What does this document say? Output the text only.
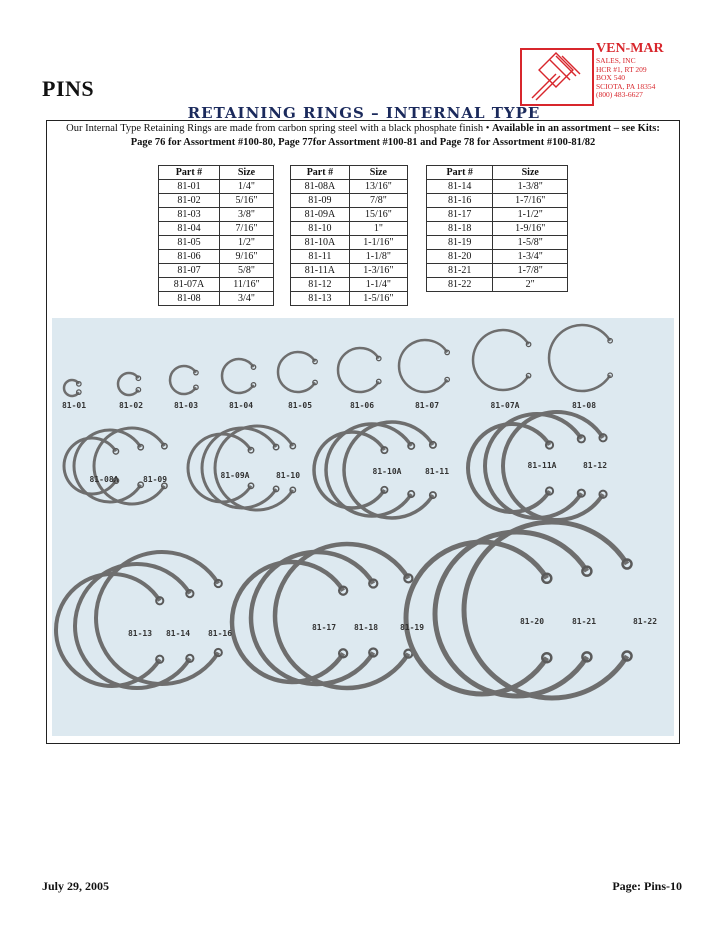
PINS
VEN-MAR
SALES, INC
HCR #1, RT 209
BOX 540
SCIOTA, PA 18354
(800) 483-6627
RETAINING RINGS – INTERNAL TYPE
Our Internal Type Retaining Rings are made from carbon spring steel with a black phosphate finish • Available in an assortment – see Kits: Page 76 for Assortment #100-80, Page 77for Assortment #100-81 and Page 78 for Assortment #100-81/82
Part #	Size
81-01	1/4"
81-02	5/16"
81-03	3/8"
81-04	7/16"
81-05	1/2"
81-06	9/16"
81-07	5/8"
81-07A	11/16"
81-08	3/4"
Part #	Size
81-08A	13/16"
81-09	7/8"
81-09A	15/16"
81-10	1"
81-10A	1-1/16"
81-11	1-1/8"
81-11A	1-3/16"
81-12	1-1/4"
81-13	1-5/16"
Part #	Size
81-14	1-3/8"
81-16	1-7/16"
81-17	1-1/2"
81-18	1-9/16"
81-19	1-5/8"
81-20	1-3/4"
81-21	1-7/8"
81-22	2"
81-01	81-02	81-03	81-04	81-05	81-06	81-07	81-07A	81-08
81-08A	81-09	81-09A	81-10	81-10A	81-11
81-11A	81-12
81-13 81-14 81-16
81-17 81-18	81-19
81-20	81-21	81-22
July 29, 2005	Page: Pins-10
